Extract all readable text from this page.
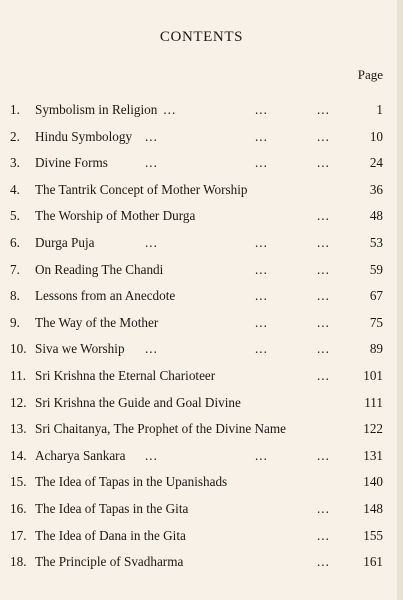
CONTENTS
Page
1.	Symbolism in Religion	1
...	...	...
2.	Hindu Symbology	10
...	...	...
3.	Divine Forms	24
...	...	...
4.	The Tantrik Concept of Mother Worship	36
5.	The Worship of Mother Durga	48
...
6.	Durga Puja	53
...	...	...
7.	On Reading The Chandi	59
...	...
8.	Lessons from an Anecdote	67
...	...
9.	The Way of the Mother	75
...	...
10. Siva we Worship	89
...	...	...
11. Sri Krishna the Eternal Charioteer	101
...
12. Sri Krishna the Guide and Goal Divine	111
13. Sri Chaitanya, The Prophet of the Divine Name	122
14. Acharya Sankara	131
...	...	...
15. The Idea of Tapas in the Upanishads	140
16. The Idea of Tapas in the Gita	148
...
17. The Idea of Dana in the Gita	155
...
18. The Principle of Svadharma	161
...
